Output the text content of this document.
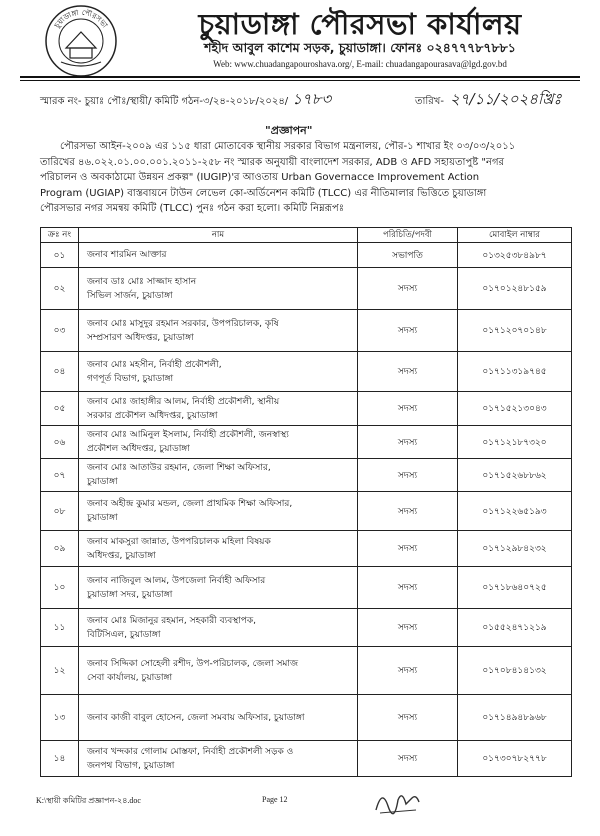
চুয়াডাঙ্গা পৌরসভা	চুয়াডাঙ্গা পৌরসভা কার্যালয়
শহীদ আবুল কাশেম সড়ক, চুয়াডাঙ্গা। ফোনঃ ০২৪৭৭৭৮৭৮৮১
Web: www.chuadangapouroshava.org/, E-mail: chuadangapourasava@lgd.gov.bd
স্মারক নং- চুয়াঃ পৌঃ/স্থায়ী/ কমিটি গঠন-৩/২৪-২০১৮/২০২৪/ ১৭৮৩	তারিখ- ২৭/১১/২০২৪খ্রিঃ
"প্রজ্ঞাপন"
পৌরসভা আইন-২০০৯ এর ১১৫ ধারা মোতাবেক স্থানীয় সরকার বিভাগ মন্ত্রনালয়, পৌর-১ শাখার ইং ০৩/০৩/২০১১
তারিখের ৪৬.০২২.০১.০০.০০১.২০১১-২৫৮ নং স্মারক অনুযায়ী বাংলাদেশ সরকার, ADB ও AFD সহায়তাপুষ্ট "নগর
পরিচালন ও অবকাঠামো উন্নয়ন প্রকল্প" (IUGIP)'র আওতায় Urban Governacce Improvement Action
Program (UGIAP) বাস্তবায়নে টাউন লেভেল কো-অর্ডিনেশন কমিটি (TLCC) এর নীতিমালার ভিত্তিতে চুয়াডাঙ্গা
পৌরসভার নগর সমন্বয় কমিটি (TLCC) পুনঃ গঠন করা হলো। কমিটি নিম্নরূপঃ
ক্রঃ নং	নাম	পরিচিতি/পদবী	মোবাইল নাম্বার
০১	জনাব শারমিন আক্তার	সভাপতি	০১৩২৫৩৮৪৯৮৭
০২	জনাব ডাঃ মোঃ সাজ্জাদ হাসান
সিভিল সার্জন, চুয়াডাঙ্গা	সদস্য	০১৭০১২৪৮১৫৯
০৩	জনাব মোঃ মাসুদুর রহমান সরকার, উপপরিচালক, কৃষি
সম্প্রসারণ অধিদপ্তর, চুয়াডাঙ্গা	সদস্য	০১৭১২০৭০১৪৮
০৪	জনাব মোঃ মহসীন, নির্বাহী প্রকৌশলী,
গণপূর্ত বিভাগ, চুয়াডাঙ্গা	সদস্য	০১৭১১৩১৯৭৪৫
০৫	জনাব মোঃ জাহাঙ্গীর আলম, নির্বাহী প্রকৌশলী, স্থানীয়
সরকার প্রকৌশল অধিদপ্তর, চুয়াডাঙ্গা	সদস্য	০১৭১৫২১৩০৪৩
০৬	জনাব মোঃ আমিনুল ইসলাম, নির্বাহী প্রকৌশলী, জনস্বাস্থ্য
প্রকৌশল অধিদপ্তর, চুয়াডাঙ্গা	সদস্য	০১৭১২১৮৭৩২০
০৭	জনাব মোঃ আতাউর রহমান, জেলা শিক্ষা অফিসার,
চুয়াডাঙ্গা	সদস্য	০১৭১৫২৬৮৮৬২
০৮	জনাব অহীন্দ্র কুমার মন্ডল, জেলা প্রাথমিক শিক্ষা অফিসার,
চুয়াডাঙ্গা	সদস্য	০১৭১২২৬৫১৯৩
০৯	জনাব মাকসুরা জান্নাত, উপপরিচালক মহিলা বিষয়ক
অধিদপ্তর, চুয়াডাঙ্গা	সদস্য	০১৭১২৯৮৪২৩২
১০	জনাব নাজিবুল আলম, উপজেলা নির্বাহী অফিসার
চুয়াডাঙ্গা সদর, চুয়াডাঙ্গা	সদস্য	০১৭১৮৬৪০৭২৫
১১	জনাব মোঃ মিজানুর রহমান, সহকারী ব্যবস্থাপক,
বিটিসিএল, চুয়াডাঙ্গা	সদস্য	০১৫৫২৪৭১২১৯
১২	জনাব সিদ্দিকা সোহেলী রশীদ, উপ-পরিচালক, জেলা সমাজ
সেবা কার্যালয়, চুয়াডাঙ্গা	সদস্য	০১৭০৮৪১৪১৩২
১৩	জনাব কাজী বাবুল হোসেন, জেলা সমবায় অফিসার, চুয়াডাঙ্গা	সদস্য	০১৭১৪৯৪৮৯৬৮
১৪	জনাব খন্দকার গোলাম মোস্তফা, নির্বাহী প্রকৌশলী সড়ক ও
জনপথ বিভাগ, চুয়াডাঙ্গা	সদস্য	০১৭৩০৭৮২৭৭৮
K:\স্থায়ী কমিটির প্রজ্ঞাপন-২৪.doc	Page 12
